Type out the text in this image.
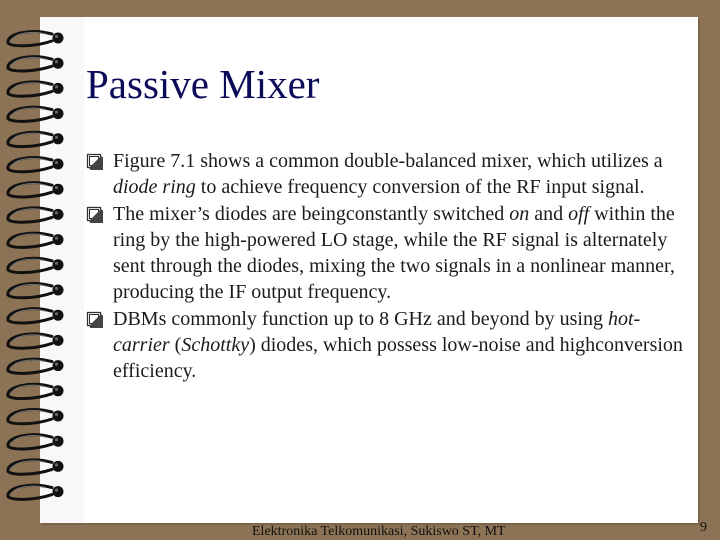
Passive Mixer
Figure 7.1 shows a common double-balanced mixer, which utilizes a diode ring to achieve frequency conversion of the RF input signal.
The mixer’s diodes are beingconstantly switched on and off within the ring by the high-powered LO stage, while the RF signal is alternately sent through the diodes, mixing the two signals in a nonlinear manner, producing the IF output frequency.
DBMs commonly function up to 8 GHz and beyond by using hot-carrier (Schottky) diodes, which possess low-noise and highconversion efficiency.
Elektronika Telkomunikasi, Sukiswo ST, MT	9
